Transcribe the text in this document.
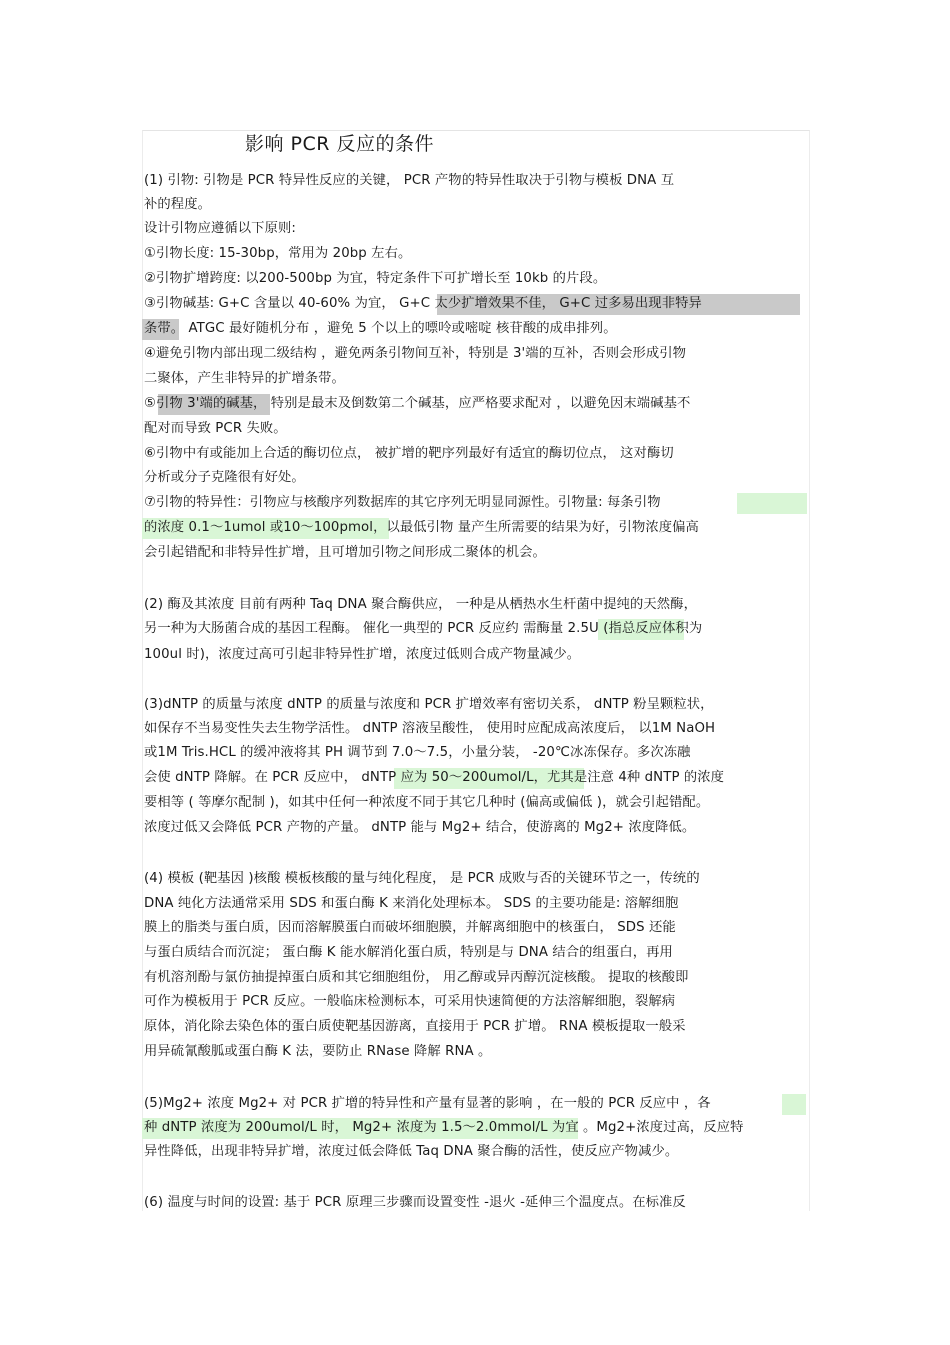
影响 PCR 反应的条件
(1) 引物: 引物是 PCR 特异性反应的关键， PCR 产物的特异性取决于引物与模板 DNA 互
补的程度。
设计引物应遵循以下原则:
①引物长度: 15-30bp，常用为 20bp 左右。
②引物扩增跨度: 以200-500bp 为宜，特定条件下可扩增长至 10kb 的片段。
③引物碱基: G+C 含量以 40-60% 为宜， G+C 太少扩增效果不佳， G+C 过多易出现非特异
条带。 ATGC 最好随机分布 ，避免 5 个以上的嘌呤或嘧啶 核苷酸的成串排列。
④避免引物内部出现二级结构 ，避免两条引物间互补，特别是 3'端的互补，否则会形成引物
二聚体，产生非特异的扩增条带。
⑤引物 3'端的碱基， 特别是最末及倒数第二个碱基，应严格要求配对 ，以避免因末端碱基不
配对而导致 PCR 失败。
⑥引物中有或能加上合适的酶切位点， 被扩增的靶序列最好有适宜的酶切位点， 这对酶切
分析或分子克隆很有好处。
⑦引物的特异性：引物应与核酸序列数据库的其它序列无明显同源性。引物量: 每条引物
的浓度 0.1～1umol 或10～100pmol，以最低引物 量产生所需要的结果为好，引物浓度偏高
会引起错配和非特异性扩增，且可增加引物之间形成二聚体的机会。
(2) 酶及其浓度 目前有两种 Taq DNA 聚合酶供应， 一种是从栖热水生杆菌中提纯的天然酶，
另一种为大肠菌合成的基因工程酶。 催化一典型的 PCR 反应约 需酶量 2.5U (指总反应体积为
100ul 时)，浓度过高可引起非特异性扩增，浓度过低则合成产物量减少。
(3)dNTP 的质量与浓度 dNTP 的质量与浓度和 PCR 扩增效率有密切关系， dNTP 粉呈颗粒状，
如保存不当易变性失去生物学活性。 dNTP 溶液呈酸性， 使用时应配成高浓度后， 以1M NaOH
或1M Tris.HCL 的缓冲液将其 PH 调节到 7.0～7.5，小量分装， -20℃冰冻保存。多次冻融
会使 dNTP 降解。在 PCR 反应中， dNTP 应为 50～200umol/L，尤其是注意 4种 dNTP 的浓度
要相等 ( 等摩尔配制 )，如其中任何一种浓度不同于其它几种时 (偏高或偏低 )，就会引起错配。
浓度过低又会降低 PCR 产物的产量。 dNTP 能与 Mg2+ 结合，使游离的 Mg2+ 浓度降低。
(4) 模板 (靶基因 )核酸 模板核酸的量与纯化程度， 是 PCR 成败与否的关键环节之一，传统的
DNA 纯化方法通常采用 SDS 和蛋白酶 K 来消化处理标本。 SDS 的主要功能是: 溶解细胞
膜上的脂类与蛋白质，因而溶解膜蛋白而破坏细胞膜，并解离细胞中的核蛋白， SDS 还能
与蛋白质结合而沉淀； 蛋白酶 K 能水解消化蛋白质，特别是与 DNA 结合的组蛋白，再用
有机溶剂酚与氯仿抽提掉蛋白质和其它细胞组份， 用乙醇或异丙醇沉淀核酸。 提取的核酸即
可作为模板用于 PCR 反应。一般临床检测标本，可采用快速简便的方法溶解细胞，裂解病
原体，消化除去染色体的蛋白质使靶基因游离，直接用于 PCR 扩增。 RNA 模板提取一般采
用异硫氰酸胍或蛋白酶 K 法，要防止 RNase 降解 RNA 。
(5)Mg2+ 浓度 Mg2+ 对 PCR 扩增的特异性和产量有显著的影响 ，在一般的 PCR 反应中 ，各
种 dNTP 浓度为 200umol/L 时， Mg2+ 浓度为 1.5～2.0mmol/L 为宜 。Mg2+浓度过高，反应特
异性降低，出现非特异扩增，浓度过低会降低 Taq DNA 聚合酶的活性，使反应产物减少。
(6) 温度与时间的设置: 基于 PCR 原理三步骤而设置变性 -退火 -延伸三个温度点。在标准反
